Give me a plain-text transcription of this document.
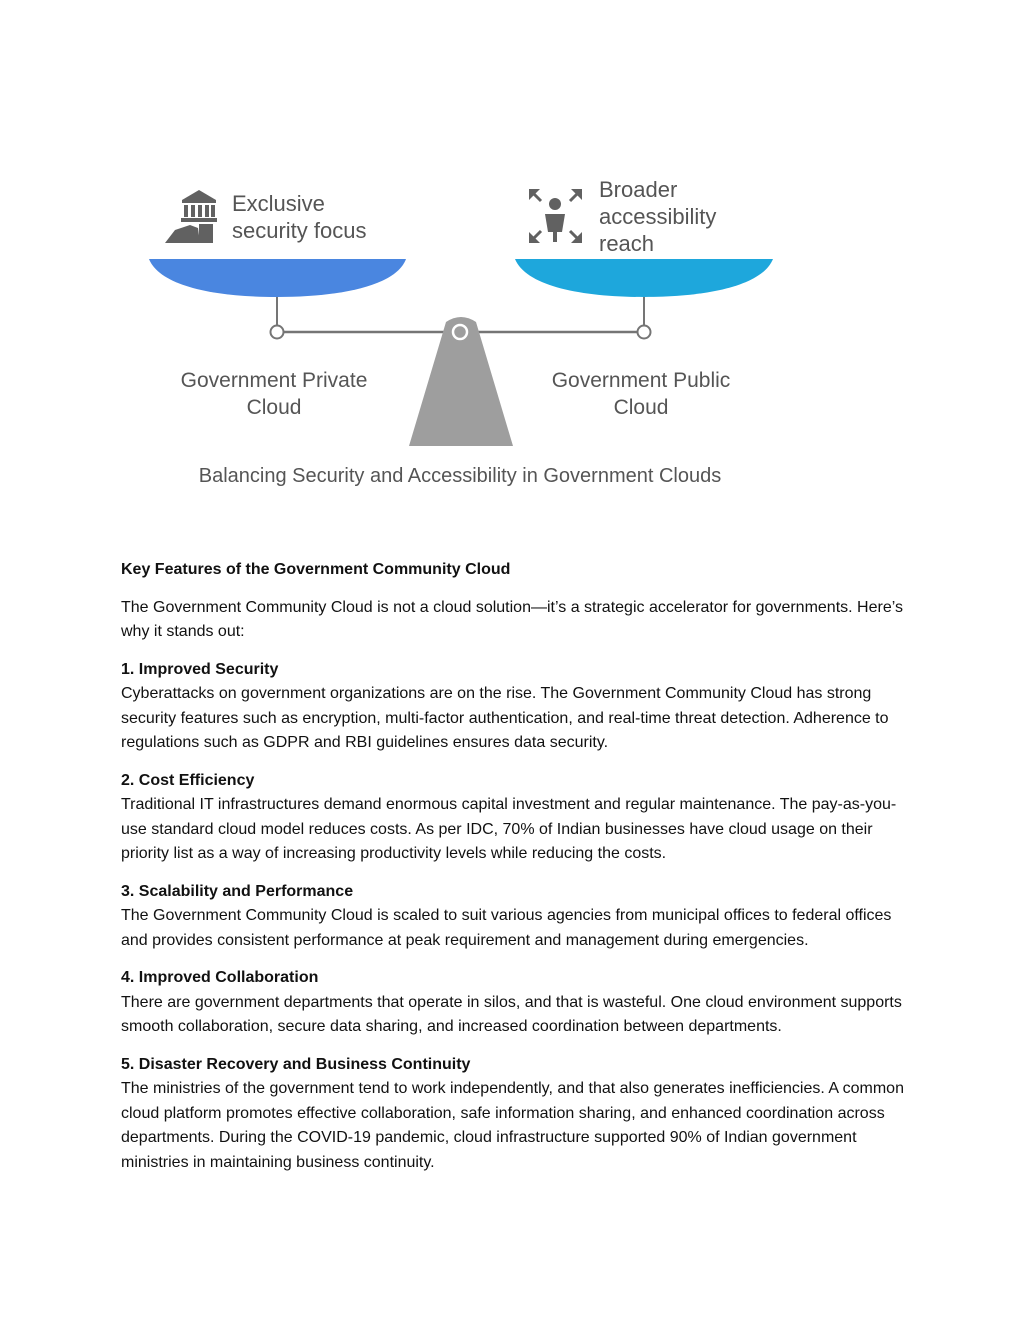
Exclusive
security focus
Broader
accessibility
reach
Government Private
Cloud
Government Public
Cloud
Balancing Security and Accessibility in Government Clouds
Key Features of the Government Community Cloud

The Government Community Cloud is not a cloud solution—it’s a strategic accelerator for governments. Here’s why it stands out:

1. Improved Security
Cyberattacks on government organizations are on the rise. The Government Community Cloud has strong security features such as encryption, multi-factor authentication, and real-time threat detection. Adherence to regulations such as GDPR and RBI guidelines ensures data security.
2. Cost Efficiency
Traditional IT infrastructures demand enormous capital investment and regular maintenance. The pay-as-you-use standard cloud model reduces costs. As per IDC, 70% of Indian businesses have cloud usage on their priority list as a way of increasing productivity levels while reducing the costs.
3. Scalability and Performance
The Government Community Cloud is scaled to suit various agencies from municipal offices to federal offices and provides consistent performance at peak requirement and management during emergencies.
4. Improved Collaboration
There are government departments that operate in silos, and that is wasteful. One cloud environment supports smooth collaboration, secure data sharing, and increased coordination between departments.
5. Disaster Recovery and Business Continuity
The ministries of the government tend to work independently, and that also generates inefficiencies. A common cloud platform promotes effective collaboration, safe information sharing, and enhanced coordination across departments. During the COVID-19 pandemic, cloud infrastructure supported 90% of Indian government ministries in maintaining business continuity.
